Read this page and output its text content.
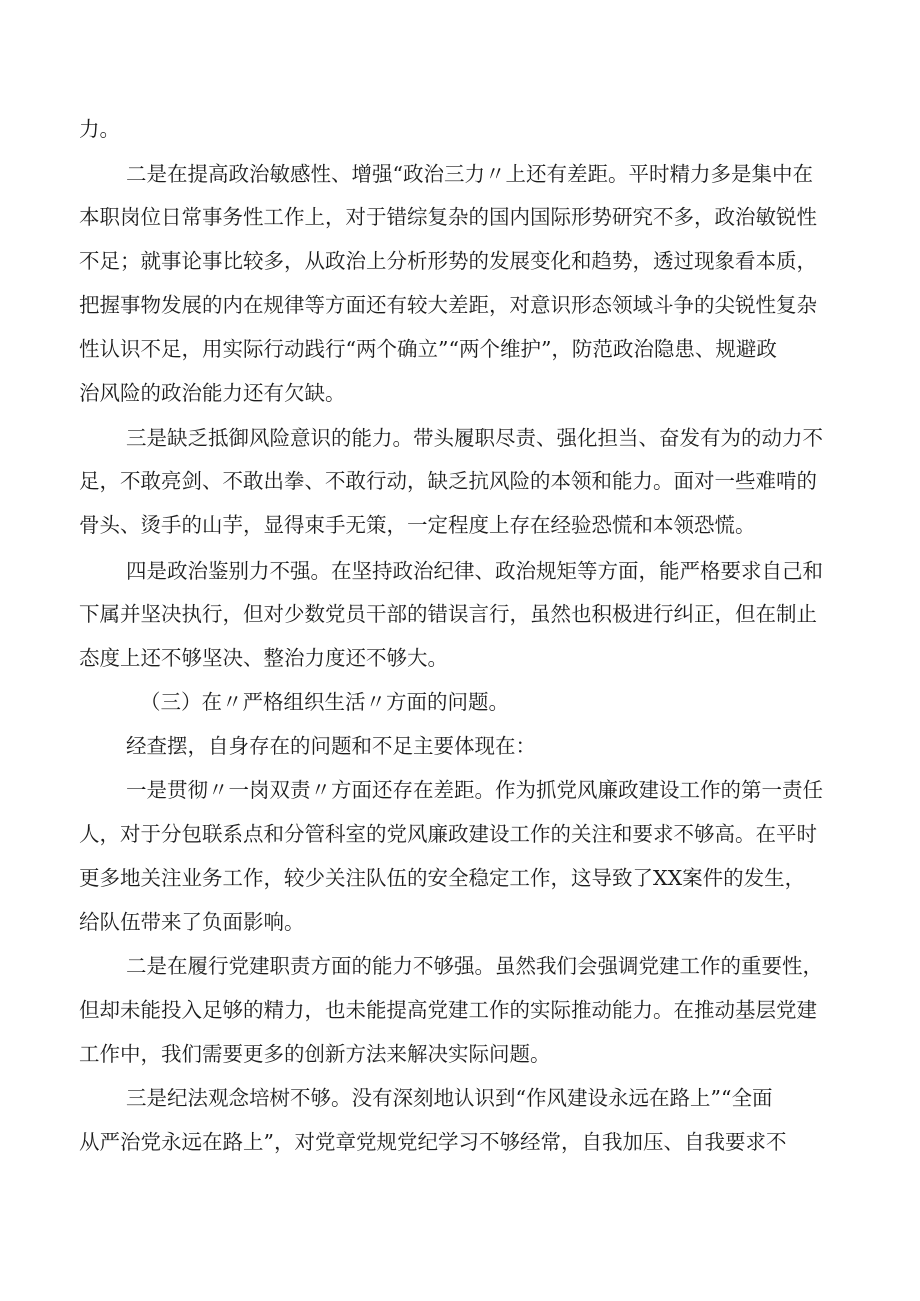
力。
二是在提高政治敏感性、增强“政治三力〃上还有差距。平时精力多是集中在
本职岗位日常事务性工作上，对于错综复杂的国内国际形势研究不多，政治敏锐性
不足；就事论事比较多，从政治上分析形势的发展变化和趋势，透过现象看本质，
把握事物发展的内在规律等方面还有较大差距，对意识形态领域斗争的尖锐性复杂
性认识不足，用实际行动践行“两个确立”“两个维护”，防范政治隐患、规避政
治风险的政治能力还有欠缺。
三是缺乏抵御风险意识的能力。带头履职尽责、强化担当、奋发有为的动力不
足，不敢亮剑、不敢出拳、不敢行动，缺乏抗风险的本领和能力。面对一些难啃的
骨头、烫手的山芋，显得束手无策，一定程度上存在经验恐慌和本领恐慌。
四是政治鉴别力不强。在坚持政治纪律、政治规矩等方面，能严格要求自己和
下属并坚决执行，但对少数党员干部的错误言行，虽然也积极进行纠正，但在制止
态度上还不够坚决、整治力度还不够大。
（三）在〃严格组织生活〃方面的问题。
经查摆，自身存在的问题和不足主要体现在：
一是贯彻〃一岗双责〃方面还存在差距。作为抓党风廉政建设工作的第一责任
人，对于分包联系点和分管科室的党风廉政建设工作的关注和要求不够高。在平时
更多地关注业务工作，较少关注队伍的安全稳定工作，这导致了XX案件的发生，
给队伍带来了负面影响。
二是在履行党建职责方面的能力不够强。虽然我们会强调党建工作的重要性，
但却未能投入足够的精力，也未能提高党建工作的实际推动能力。在推动基层党建
工作中，我们需要更多的创新方法来解决实际问题。
三是纪法观念培树不够。没有深刻地认识到“作风建设永远在路上”“全面
从严治党永远在路上”，对党章党规党纪学习不够经常，自我加压、自我要求不
